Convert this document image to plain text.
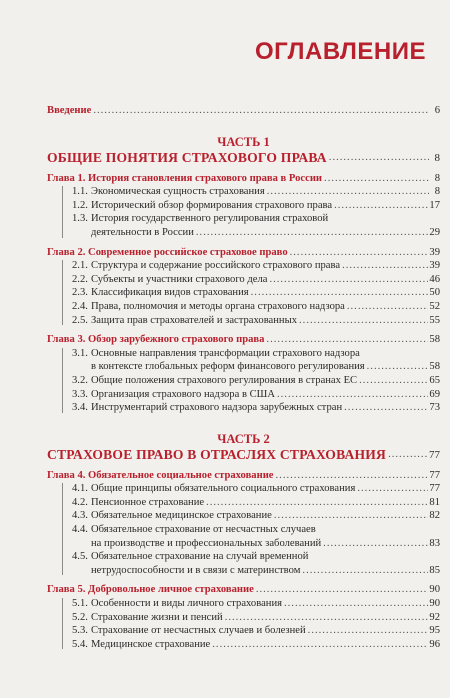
ОГЛАВЛЕНИЕ
Введение .....	6
ЧАСТЬ 1
ОБЩИЕ ПОНЯТИЯ СТРАХОВОГО ПРАВА .....	8
Глава 1. История становления страхового права в России .....	8
1.1. Экономическая сущность страхования .....	8
1.2. Исторический обзор формирования страхового права .....	17
1.3. История государственного регулирования страховой
деятельности в России .....	29
Глава 2. Современное российское страховое право .....	39
2.1. Структура и содержание российского страхового права .....	39
2.2. Субъекты и участники страхового дела .....	46
2.3. Классификация видов страхования .....	50
2.4. Права, полномочия и методы органа страхового надзора .....	52
2.5. Защита прав страхователей и застрахованных .....	55
Глава 3. Обзор зарубежного страхового права .....	58
3.1. Основные направления трансформации страхового надзора
в контексте глобальных реформ финансового регулирования .....	58
3.2. Общие положения страхового регулирования в странах ЕС .....	65
3.3. Организация страхового надзора в США .....	69
3.4. Инструментарий страхового надзора зарубежных стран .....	73
ЧАСТЬ 2
СТРАХОВОЕ ПРАВО В ОТРАСЛЯХ СТРАХОВАНИЯ .....	77
Глава 4. Обязательное социальное страхование .....	77
4.1. Общие принципы обязательного социального страхования .....	77
4.2. Пенсионное страхование .....	81
4.3. Обязательное медицинское страхование .....	82
4.4. Обязательное страхование от несчастных случаев
на производстве и профессиональных заболеваний .....	83
4.5. Обязательное страхование на случай временной
нетрудоспособности и в связи с материнством .....	85
Глава 5. Добровольное личное страхование .....	90
5.1. Особенности и виды личного страхования .....	90
5.2. Страхование жизни и пенсий .....	92
5.3. Страхование от несчастных случаев и болезней .....	95
5.4. Медицинское страхование .....	96
